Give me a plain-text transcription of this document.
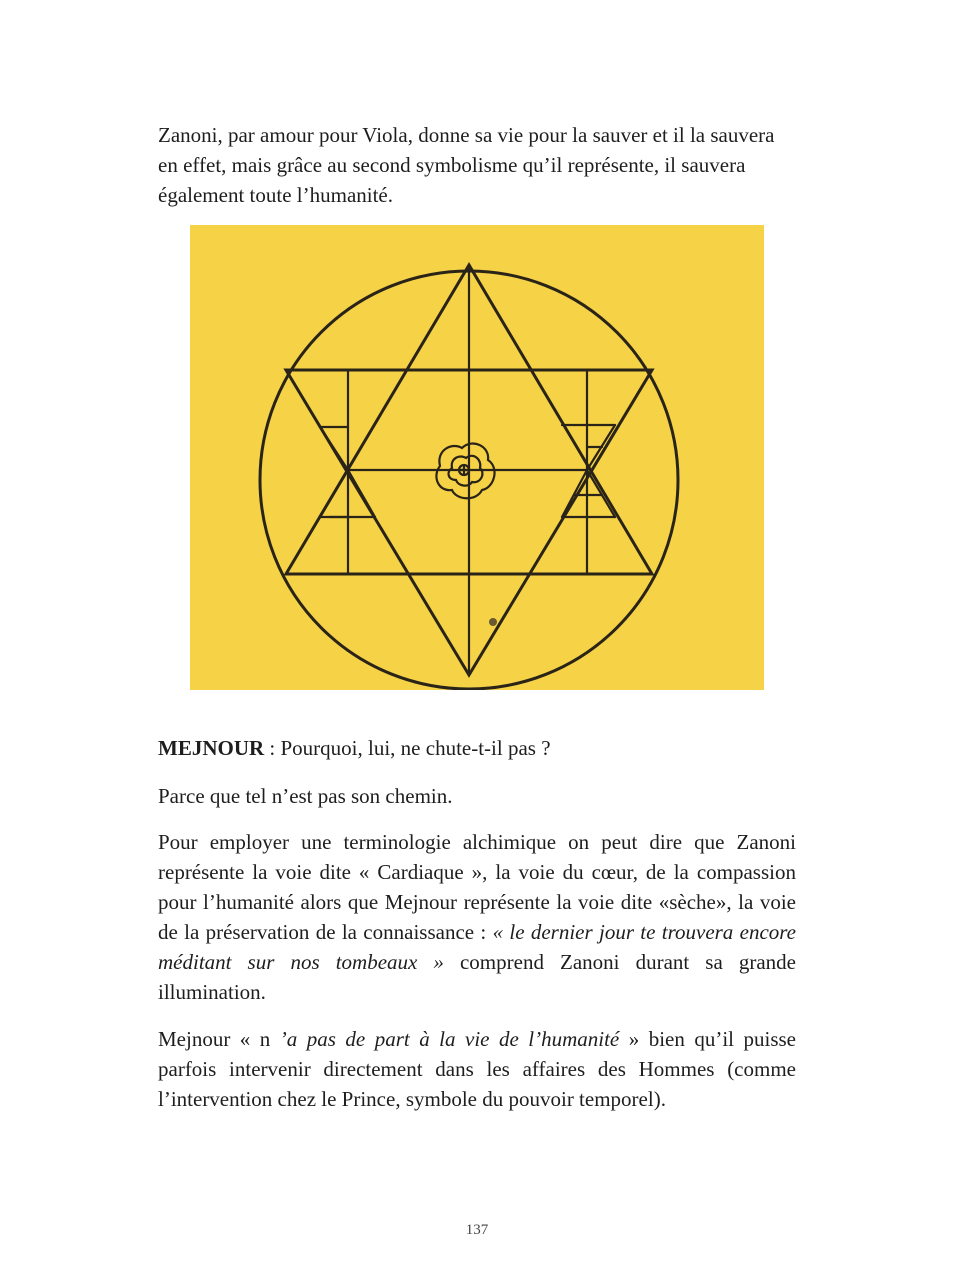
Zanoni, par amour pour Viola, donne sa vie pour la sauver et il la sauvera en effet, mais grâce au second symbolisme qu’il représente, il sauvera également toute l’humanité.

MEJNOUR : Pourquoi, lui, ne chute-t-il pas ?

Parce que tel n’est pas son chemin.

Pour employer une terminologie alchimique on peut dire que Zanoni représente la voie dite « Cardiaque », la voie du cœur, de la compassion pour l’humanité alors que Mejnour représente la voie dite «sèche», la voie de la préservation de la connaissance : « le dernier jour te trouvera encore méditant sur nos tombeaux » comprend Zanoni durant sa grande illumination.

Mejnour « n ’a pas de part à la vie de l’humanité » bien qu’il puisse parfois intervenir directement dans les affaires des Hommes (comme l’intervention chez le Prince, symbole du pouvoir temporel).

137
